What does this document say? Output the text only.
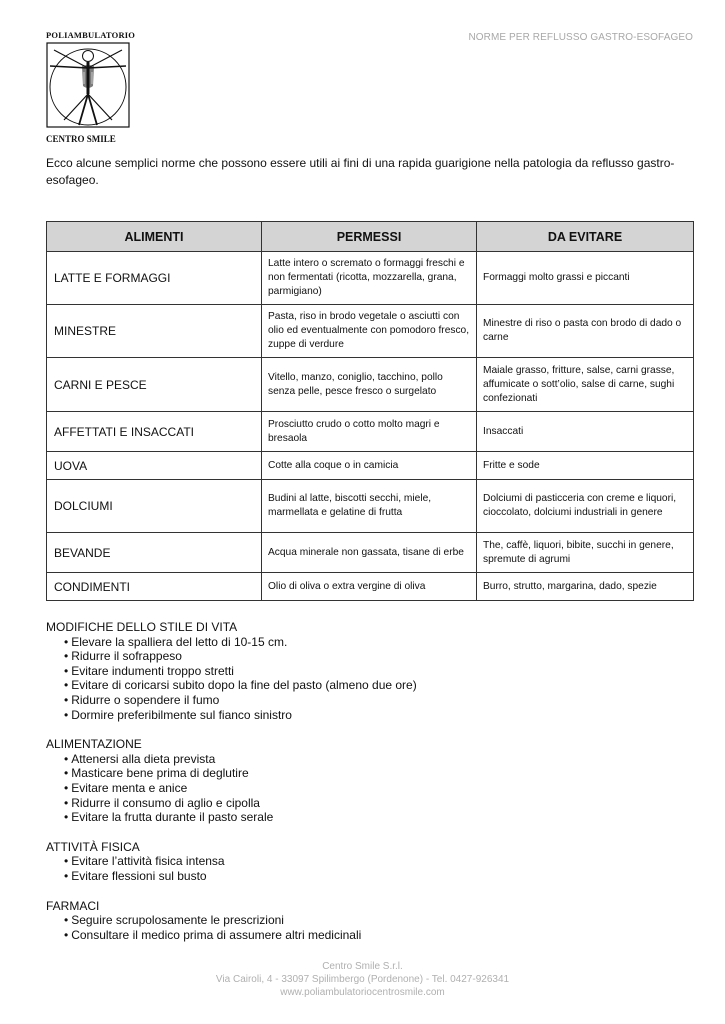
POLIAMBULATORIO
CENTRO SMILE
NORME PER REFLUSSO GASTRO-ESOFAGEO
Ecco alcune semplici norme che possono essere utili ai fini di una rapida guarigione nella patologia da reflusso gastro-esofageo.
ALIMENTI	PERMESSI	DA EVITARE
LATTE E FORMAGGI	Latte intero o scremato o formaggi freschi e non fermentati (ricotta, mozzarella, grana, parmigiano)	Formaggi molto grassi e piccanti
MINESTRE	Pasta, riso in brodo vegetale o asciutti con olio ed eventualmente con pomodoro fresco, zuppe di verdure	Minestre di riso o pasta con brodo di dado o carne
CARNI E PESCE	Vitello, manzo, coniglio, tacchino, pollo senza pelle, pesce fresco o surgelato	Maiale grasso, fritture, salse, carni grasse, affumicate o sott’olio, salse di carne, sughi confezionati
AFFETTATI E INSACCATI	Prosciutto crudo o cotto molto magri e bresaola	Insaccati
UOVA	Cotte alla coque o in camicia	Fritte e sode
DOLCIUMI	Budini al latte, biscotti secchi, miele, marmellata e gelatine di frutta	Dolciumi di pasticceria con creme e liquori, cioccolato, dolciumi industriali in genere
BEVANDE	Acqua minerale non gassata, tisane di erbe	The, caffè, liquori, bibite, succhi in genere, spremute di agrumi
CONDIMENTI	Olio di oliva o extra vergine di oliva	Burro, strutto, margarina, dado, spezie
MODIFICHE DELLO STILE DI VITA
• Elevare la spalliera del letto di 10-15 cm.
• Ridurre il sofrappeso
• Evitare indumenti troppo stretti
• Evitare di coricarsi subito dopo la fine del pasto (almeno due ore)
• Ridurre o sopendere il fumo
• Dormire preferibilmente sul fianco sinistro
ALIMENTAZIONE
• Attenersi alla dieta prevista
• Masticare bene prima di deglutire
• Evitare menta e anice
• Ridurre il consumo di aglio e cipolla
• Evitare la frutta durante il pasto serale
ATTIVITÀ FISICA
• Evitare l’attività fisica intensa
• Evitare flessioni sul busto
FARMACI
• Seguire scrupolosamente le prescrizioni
• Consultare il medico prima di assumere altri medicinali
Centro Smile S.r.l.
Via Cairoli, 4 - 33097 Spilimbergo (Pordenone) - Tel. 0427-926341
www.poliambulatoriocentrosmile.com
